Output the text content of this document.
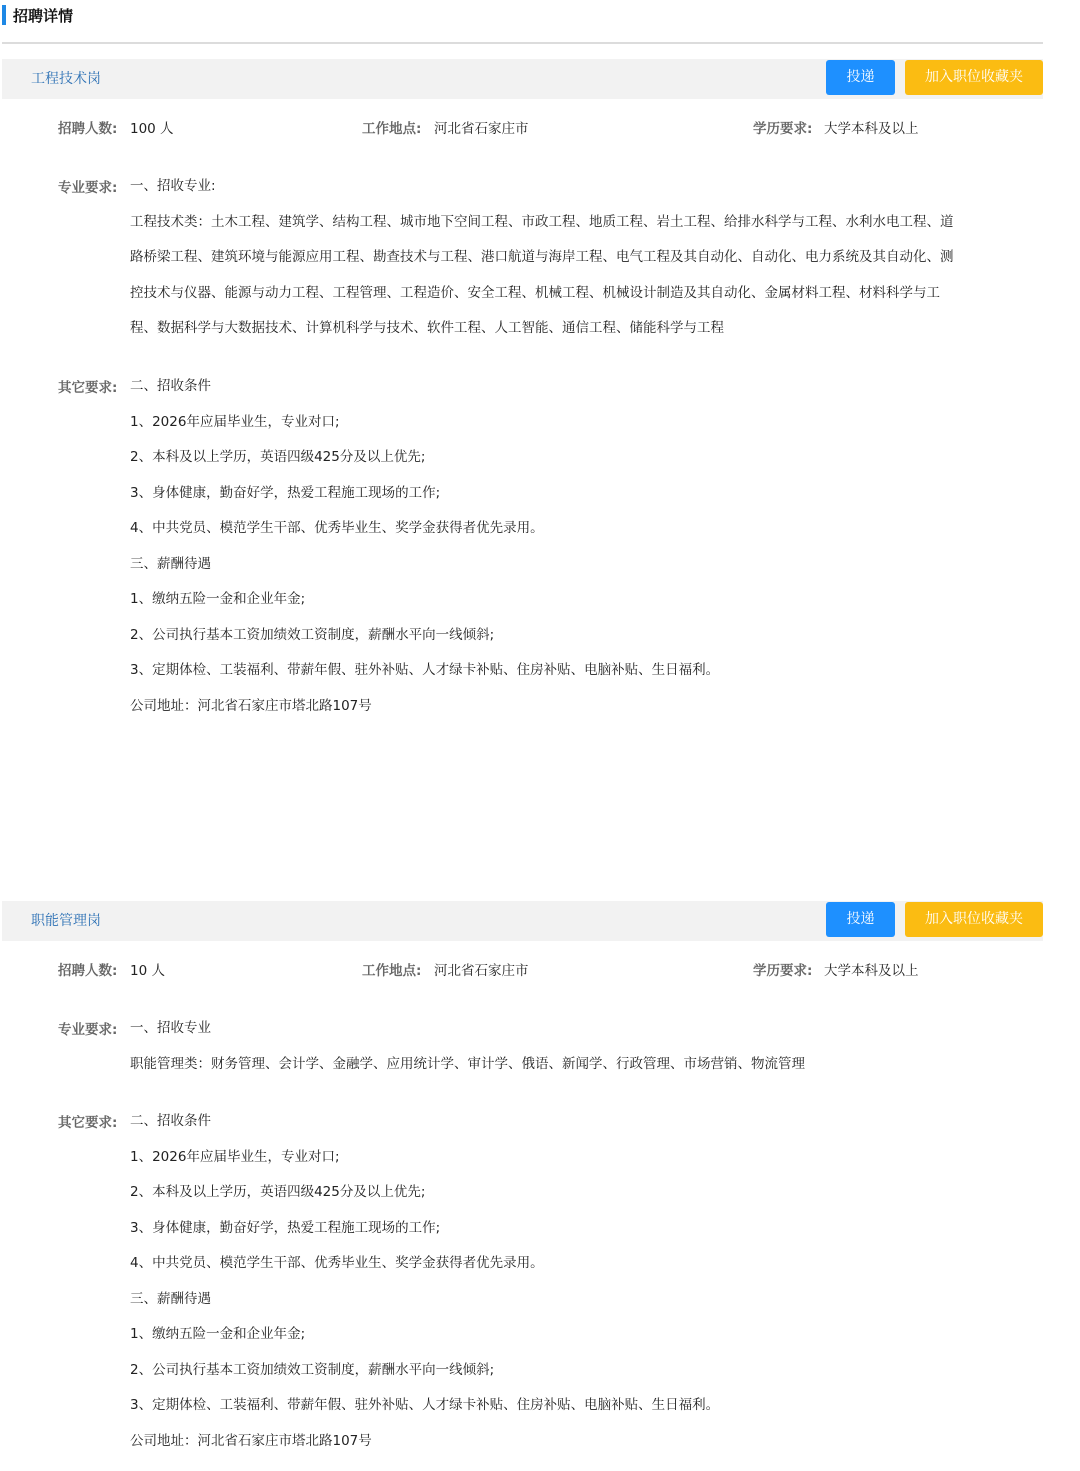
招聘详情
工程技术岗	投递	加入职位收藏夹
招聘人数: 100 人	工作地点: 河北省石家庄市	学历要求: 大学本科及以上
专业要求: 一、招收专业:
工程技术类：土木工程、建筑学、结构工程、城市地下空间工程、市政工程、地质工程、岩土工程、给排水科学与工程、水利水电工程、道
路桥梁工程、建筑环境与能源应用工程、勘查技术与工程、港口航道与海岸工程、电气工程及其自动化、自动化、电力系统及其自动化、测
控技术与仪器、能源与动力工程、工程管理、工程造价、安全工程、机械工程、机械设计制造及其自动化、金属材料工程、材料科学与工
程、数据科学与大数据技术、计算机科学与技术、软件工程、人工智能、通信工程、储能科学与工程
其它要求: 二、招收条件
1、2026年应届毕业生，专业对口;
2、本科及以上学历，英语四级425分及以上优先;
3、身体健康，勤奋好学，热爱工程施工现场的工作;
4、中共党员、模范学生干部、优秀毕业生、奖学金获得者优先录用。
三、薪酬待遇
1、缴纳五险一金和企业年金;
2、公司执行基本工资加绩效工资制度，薪酬水平向一线倾斜;
3、定期体检、工装福利、带薪年假、驻外补贴、人才绿卡补贴、住房补贴、电脑补贴、生日福利。
公司地址：河北省石家庄市塔北路107号
职能管理岗	投递	加入职位收藏夹
招聘人数: 10 人	工作地点: 河北省石家庄市	学历要求: 大学本科及以上
专业要求: 一、招收专业
职能管理类：财务管理、会计学、金融学、应用统计学、审计学、俄语、新闻学、行政管理、市场营销、物流管理
其它要求: 二、招收条件
1、2026年应届毕业生，专业对口;
2、本科及以上学历，英语四级425分及以上优先;
3、身体健康，勤奋好学，热爱工程施工现场的工作;
4、中共党员、模范学生干部、优秀毕业生、奖学金获得者优先录用。
三、薪酬待遇
1、缴纳五险一金和企业年金;
2、公司执行基本工资加绩效工资制度，薪酬水平向一线倾斜;
3、定期体检、工装福利、带薪年假、驻外补贴、人才绿卡补贴、住房补贴、电脑补贴、生日福利。
公司地址：河北省石家庄市塔北路107号
